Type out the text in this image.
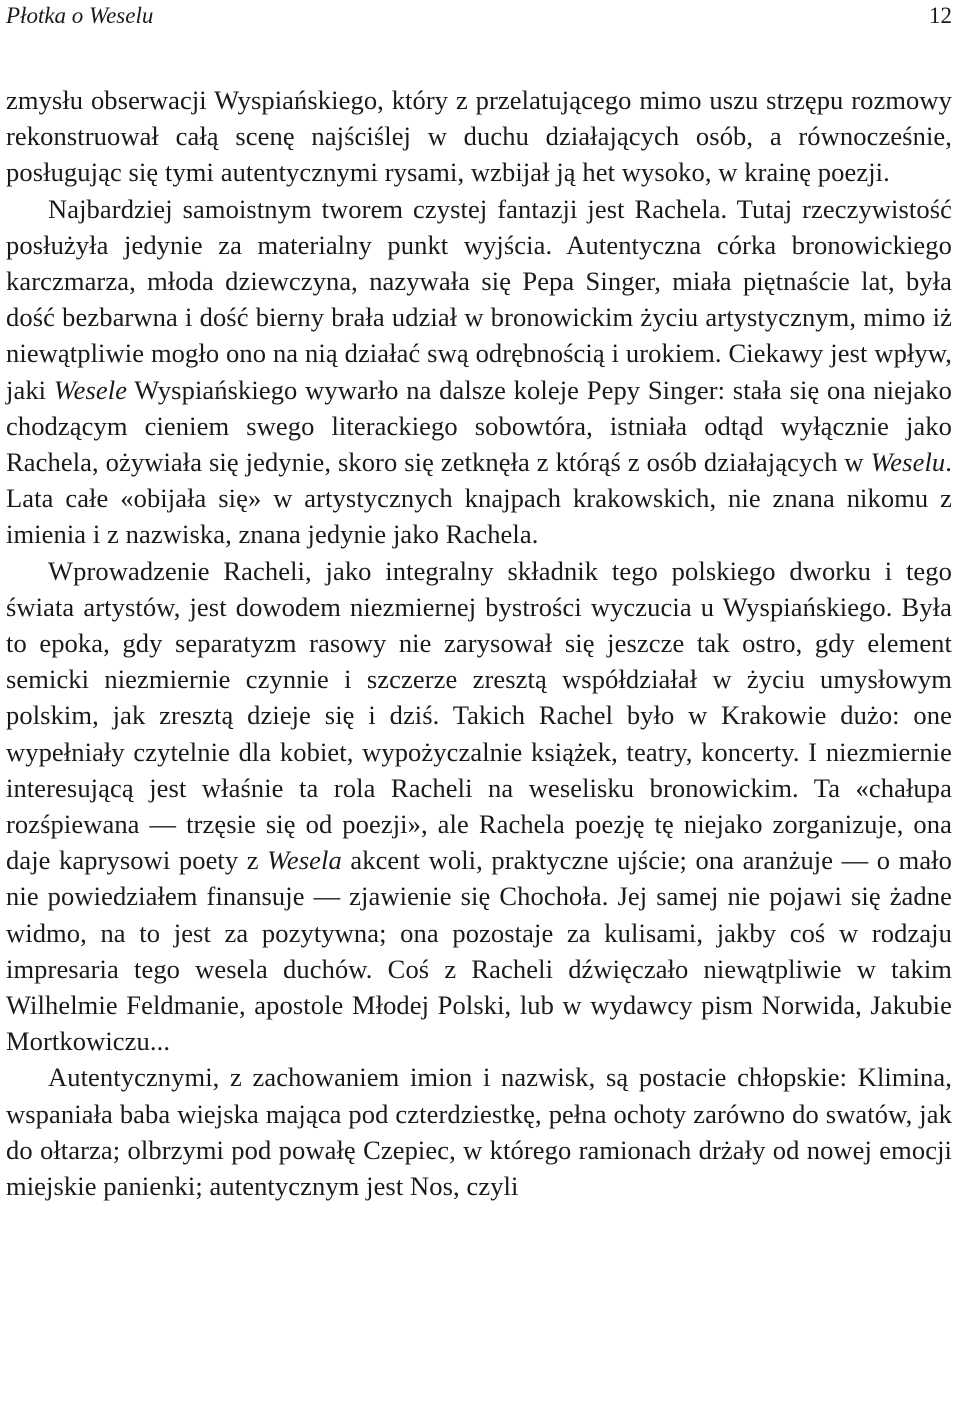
Płotka o Weselu	12

zmysłu obserwacji Wyspiańskiego, który z przelatującego mimo uszu strzępu rozmowy rekonstruował całą scenę najściślej w duchu działających osób, a równocześnie, posługując się tymi autentycznymi rysami, wzbijał ją het wysoko, w krainę poezji.

Najbardziej samoistnym tworem czystej fantazji jest Rachela. Tutaj rzeczywistość posłużyła jedynie za materialny punkt wyjścia. Autentyczna córka bronowickiego karczmarza, młoda dziewczyna, nazywała się Pepa Singer, miała piętnaście lat, była dość bezbarwna i dość bierny brała udział w bronowickim życiu artystycznym, mimo iż niewątpliwie mogło ono na nią działać swą odrębnością i urokiem. Ciekawy jest wpływ, jaki Wesele Wyspiańskiego wywarło na dalsze koleje Pepy Singer: stała się ona niejako chodzącym cieniem swego literackiego sobowtóra, istniała odtąd wyłącznie jako Rachela, ożywiała się jedynie, skoro się zetknęła z którąś z osób działających w Weselu. Lata całe «obijała się» w artystycznych knajpach krakowskich, nie znana nikomu z imienia i z nazwiska, znana jedynie jako Rachela.

Wprowadzenie Racheli, jako integralny składnik tego polskiego dworku i tego świata artystów, jest dowodem niezmiernej bystrości wyczucia u Wyspiańskiego. Była to epoka, gdy separatyzm rasowy nie zarysował się jeszcze tak ostro, gdy element semicki niezmiernie czynnie i szczerze zresztą współdziałał w życiu umysłowym polskim, jak zresztą dzieje się i dziś. Takich Rachel było w Krakowie dużo: one wypełniały czytelnie dla kobiet, wypożyczalnie książek, teatry, koncerty. I niezmiernie interesującą jest właśnie ta rola Racheli na weselisku bronowickim. Ta «chałupa rozśpiewana — trzęsie się od poezji», ale Rachela poezję tę niejako zorganizuje, ona daje kaprysowi poety z Wesela akcent woli, praktyczne ujście; ona aranżuje — o mało nie powiedziałem finansuje — zjawienie się Chochoła. Jej samej nie pojawi się żadne widmo, na to jest za pozytywna; ona pozostaje za kulisami, jakby coś w rodzaju impresaria tego wesela duchów. Coś z Racheli dźwięczało niewątpliwie w takim Wilhelmie Feldmanie, apostole Młodej Polski, lub w wydawcy pism Norwida, Jakubie Mortkowiczu...

Autentycznymi, z zachowaniem imion i nazwisk, są postacie chłopskie: Klimina, wspaniała baba wiejska mająca pod czterdziestkę, pełna ochoty zarówno do swatów, jak do ołtarza; olbrzymi pod powałę Czepiec, w którego ramionach drżały od nowej emocji miejskie panienki; autentycznym jest Nos, czyli
